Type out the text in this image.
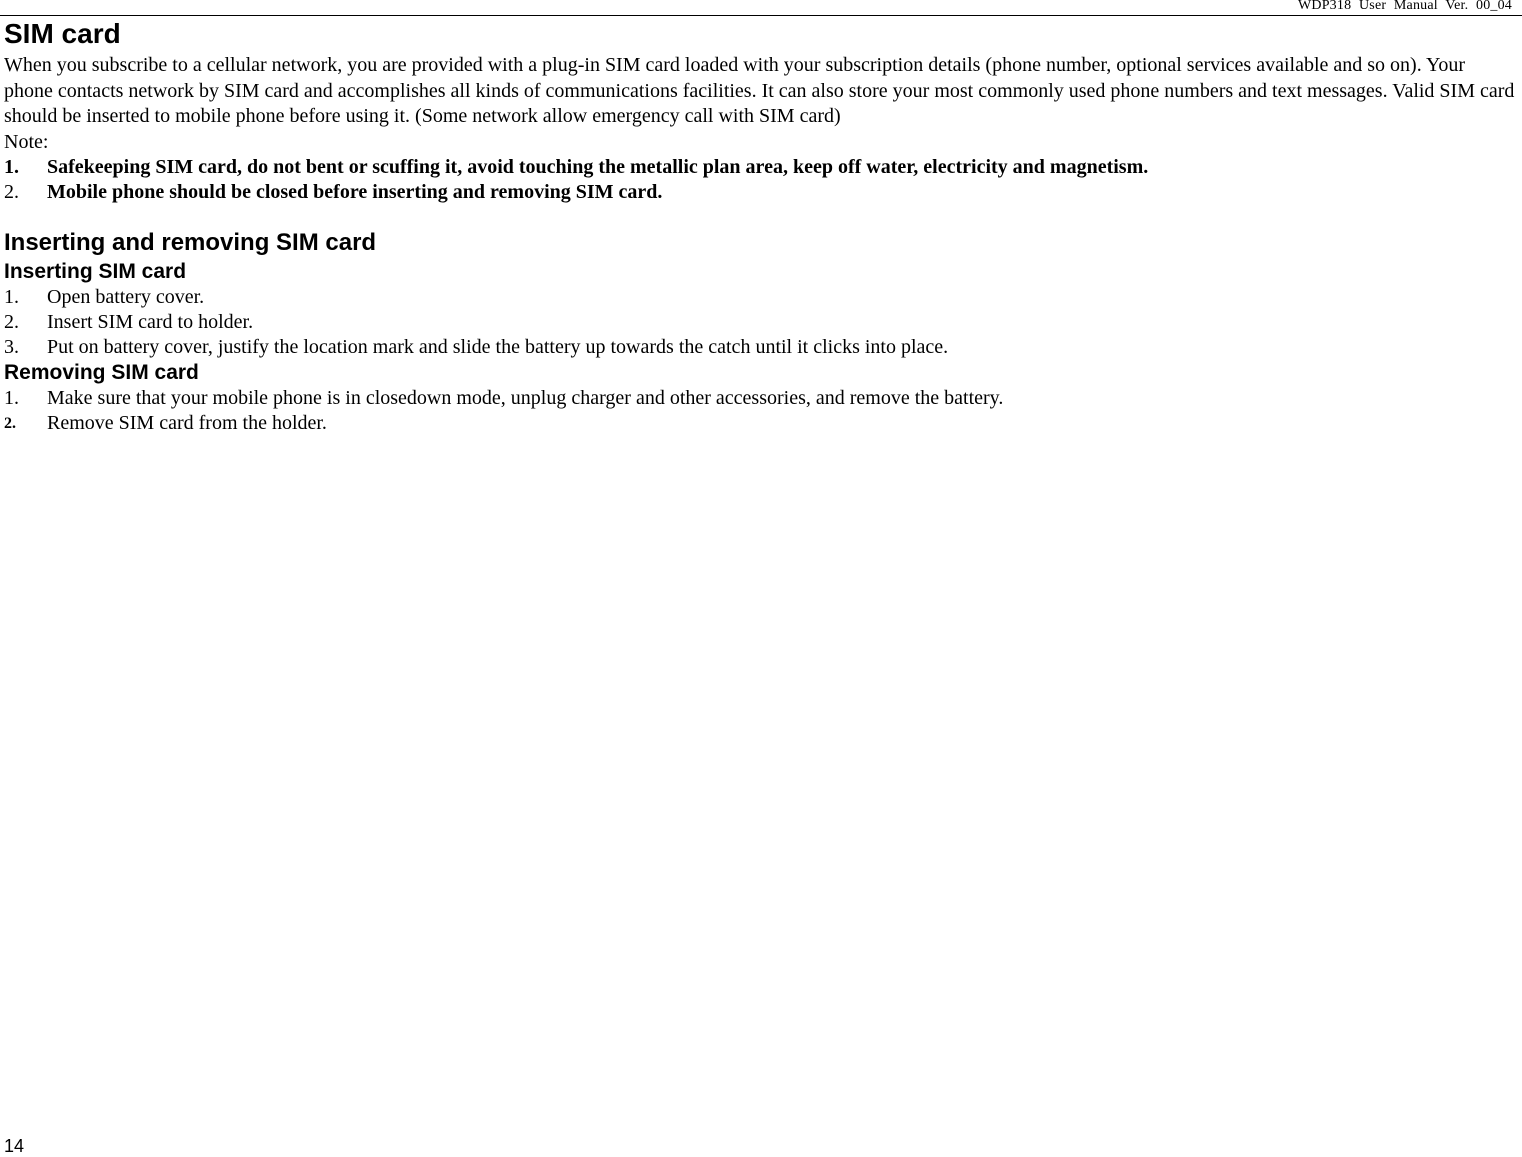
WDP318 User Manual Ver. 00_04
SIM card

When you subscribe to a cellular network, you are provided with a plug-in SIM card loaded with your subscription details (phone number, optional services available and so on). Your phone contacts network by SIM card and accomplishes all kinds of communications facilities. It can also store your most commonly used phone numbers and text messages. Valid SIM card should be inserted to mobile phone before using it. (Some network allow emergency call with SIM card)

Note:
1. Safekeeping SIM card, do not bent or scuffing it, avoid touching the metallic plan area, keep off water, electricity and magnetism.
2. Mobile phone should be closed before inserting and removing SIM card.
Inserting and removing SIM card
Inserting SIM card
1. Open battery cover.
2. Insert SIM card to holder.
3. Put on battery cover, justify the location mark and slide the battery up towards the catch until it clicks into place.
Removing SIM card
1. Make sure that your mobile phone is in closedown mode, unplug charger and other accessories, and remove the battery.
2. Remove SIM card from the holder.
14
